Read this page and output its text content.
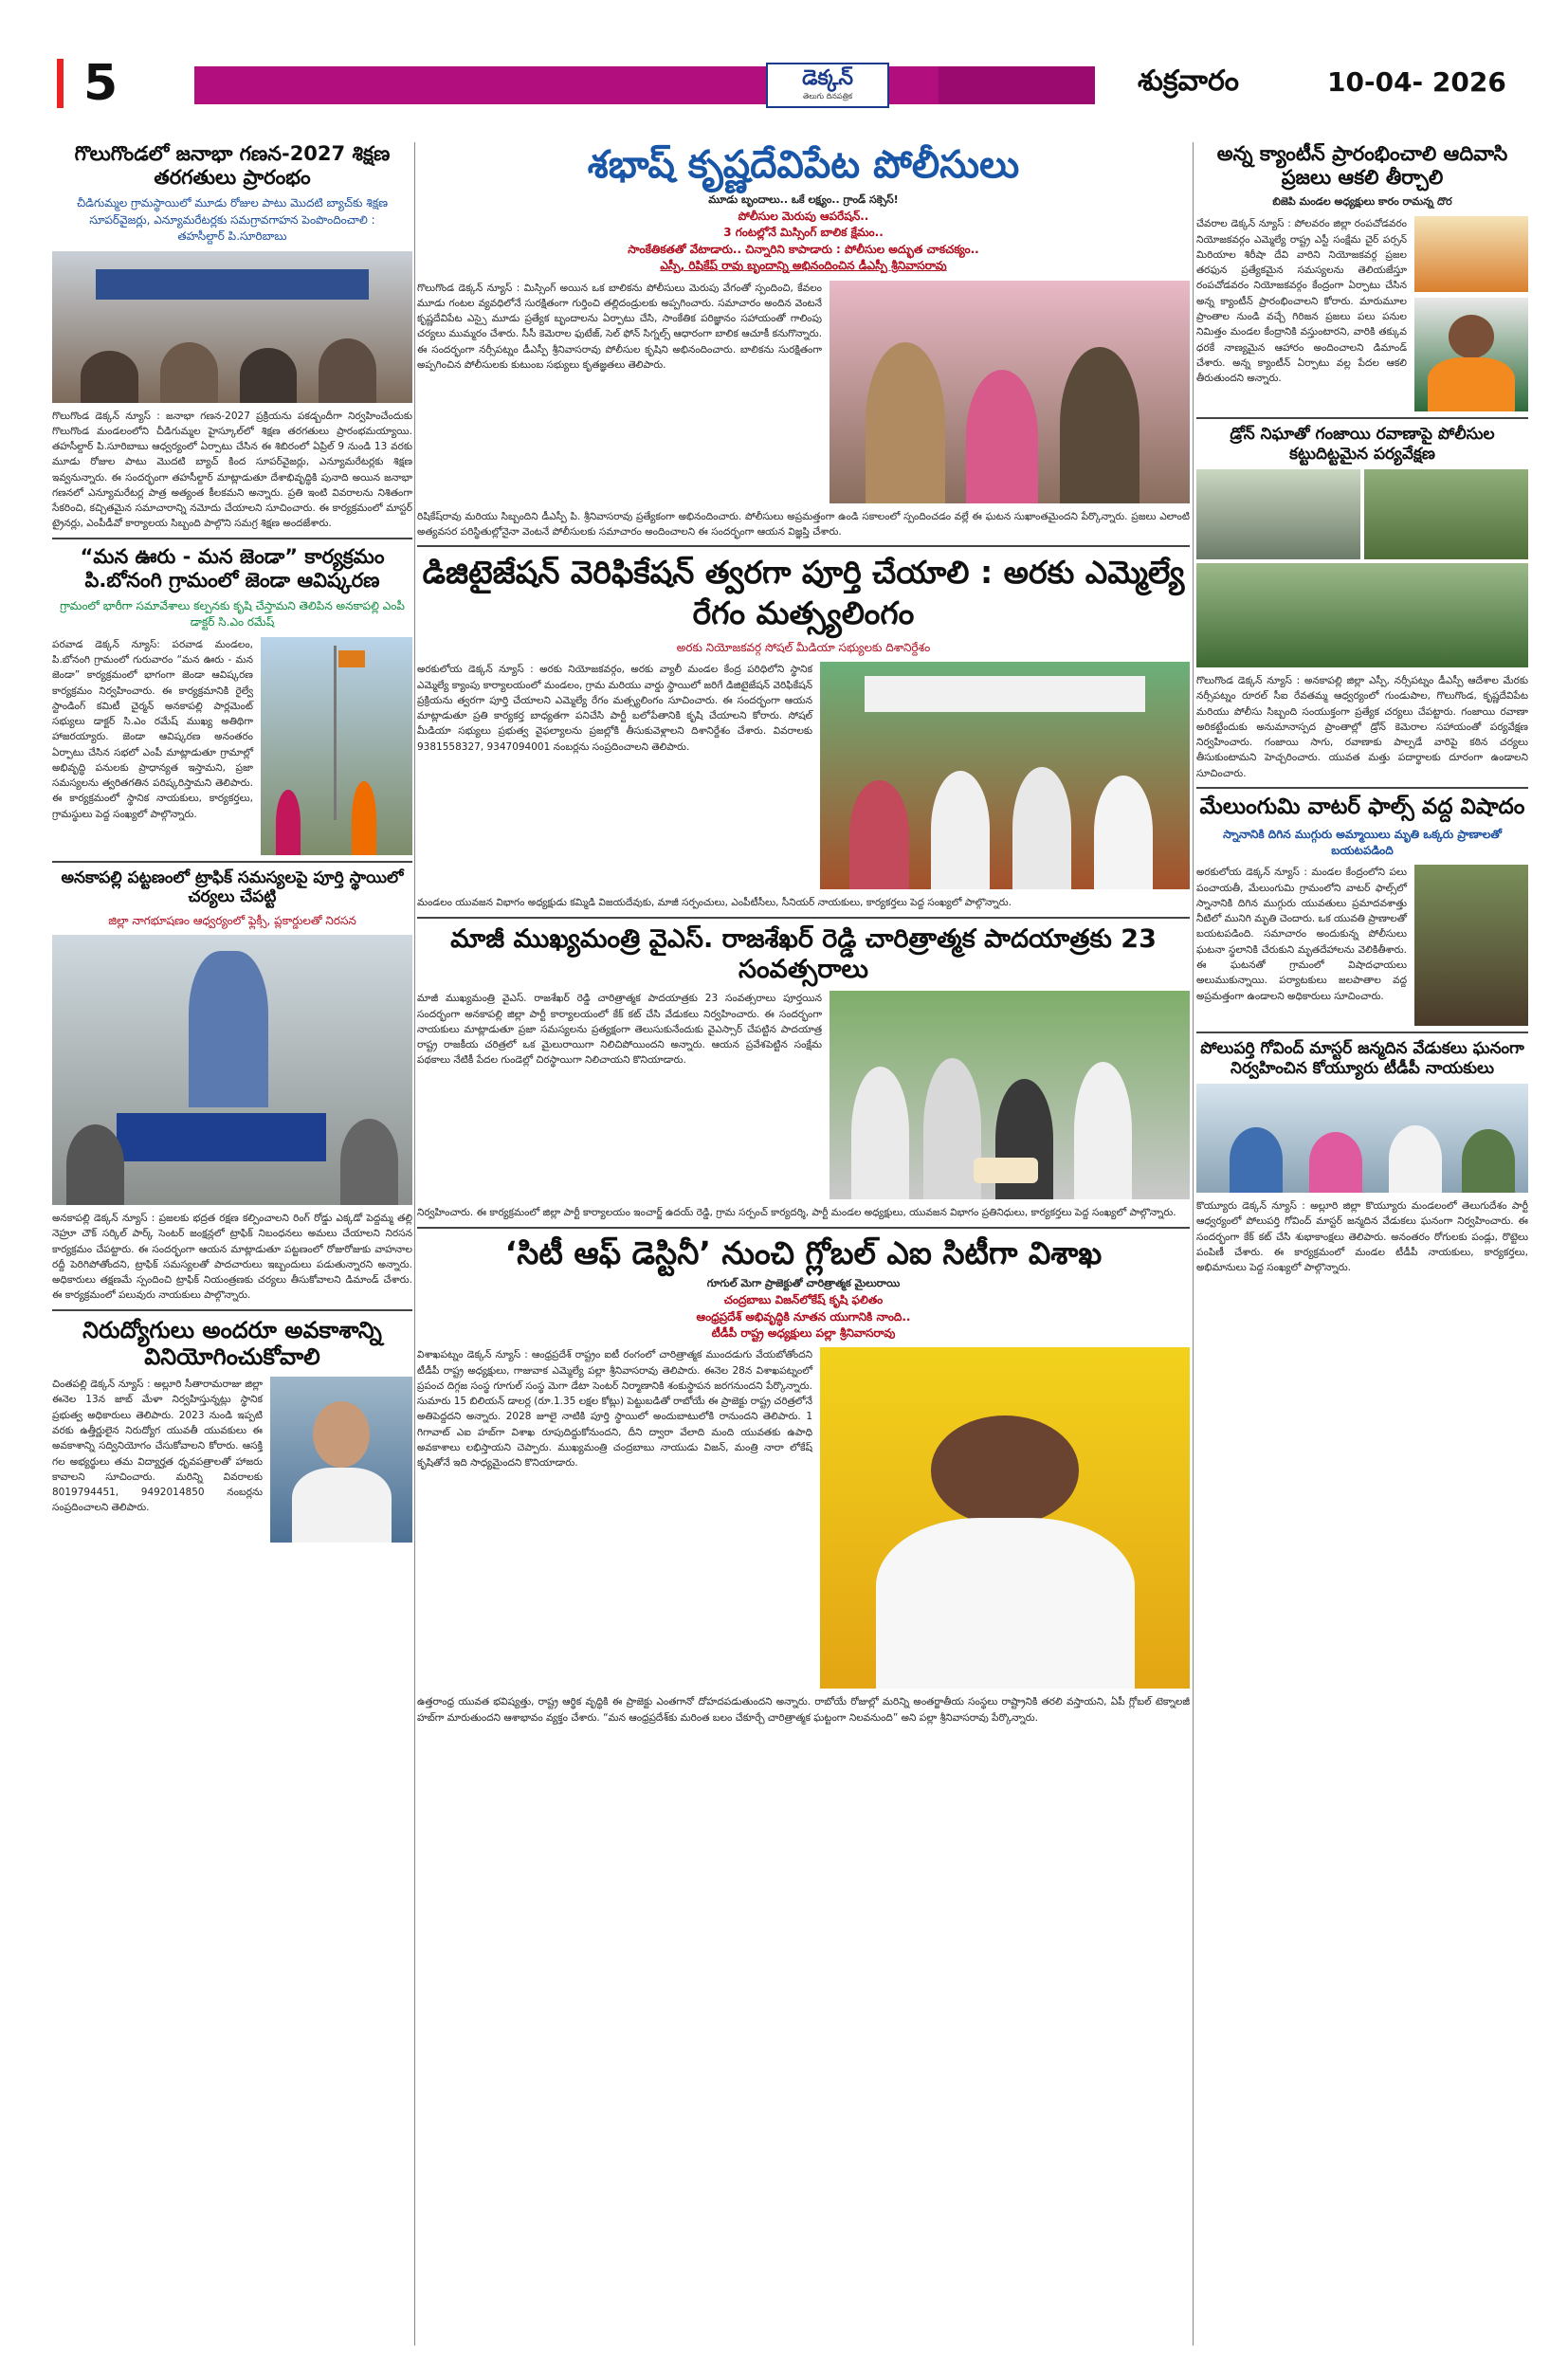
5	డెక్కన్
తెలుగు దినపత్రిక	శుక్రవారం	10-04- 2026
గొలుగొండలో జనాభా గణన-2027 శిక్షణ తరగతులు ప్రారంభం
చీడిగుమ్మల గ్రామస్థాయిలో మూడు రోజుల పాటు మొదటి బ్యాచ్‌కు శిక్షణ
సూపర్‌వైజర్లు, ఎన్యూమరేటర్లకు సమగ్రావగాహన పెంపొందించాలి :
తహసీల్దార్ పి.సూరిబాబు
గొలుగొండ డెక్కన్ న్యూస్ : జనాభా గణన-2027 ప్రక్రియను పకడ్బందీగా నిర్వహించేందుకు గొలుగొండ మండలంలోని చీడిగుమ్మల హైస్కూల్‌లో శిక్షణ తరగతులు ప్రారంభమయ్యాయి. తహసీల్దార్ పి.సూరిబాబు ఆధ్వర్యంలో ఏర్పాటు చేసిన ఈ శిబిరంలో ఏప్రిల్ 9 నుండి 13 వరకు మూడు రోజుల పాటు మొదటి బ్యాచ్ కింద సూపర్‌వైజర్లు, ఎన్యూమరేటర్లకు శిక్షణ ఇవ్వనున్నారు. ఈ సందర్భంగా తహసీల్దార్ మాట్లాడుతూ దేశాభివృద్ధికి పునాది అయిన జనాభా గణనలో ఎన్యూమరేటర్ల పాత్ర అత్యంత కీలకమని అన్నారు. ప్రతి ఇంటి వివరాలను నిశితంగా సేకరించి, కచ్చితమైన సమాచారాన్ని నమోదు చేయాలని సూచించారు. ఈ కార్యక్రమంలో మాస్టర్ ట్రైనర్లు, ఎంపీడీవో కార్యాలయ సిబ్బంది పాల్గొని సమగ్ర శిక్షణ అందజేశారు.
“మన ఊరు - మన జెండా” కార్యక్రమం పి.బోనంగి గ్రామంలో జెండా ఆవిష్కరణ
గ్రామంలో భారీగా సమావేశాలు కల్పనకు కృషి చేస్తామని తెలిపిన అనకాపల్లి ఎంపీ డాక్టర్ సి.ఎం రమేష్
పరవాడ డెక్కన్ న్యూస్: పరవాడ మండలం, పి.బోనంగి గ్రామంలో గురువారం “మన ఊరు - మన జెండా” కార్యక్రమంలో భాగంగా జెండా ఆవిష్కరణ కార్యక్రమం నిర్వహించారు. ఈ కార్యక్రమానికి రైల్వే స్టాండింగ్ కమిటీ చైర్మన్ అనకాపల్లి పార్లమెంట్ సభ్యులు డాక్టర్ సి.ఎం రమేష్ ముఖ్య అతిథిగా హాజరయ్యారు. జెండా ఆవిష్కరణ అనంతరం ఏర్పాటు చేసిన సభలో ఎంపీ మాట్లాడుతూ గ్రామాల్లో అభివృద్ధి పనులకు ప్రాధాన్యత ఇస్తామని, ప్రజా సమస్యలను త్వరితగతిన పరిష్కరిస్తామని తెలిపారు. ఈ కార్యక్రమంలో స్థానిక నాయకులు, కార్యకర్తలు, గ్రామస్థులు పెద్ద సంఖ్యలో పాల్గొన్నారు.
అనకాపల్లి పట్టణంలో ట్రాఫిక్ సమస్యలపై పూర్తి స్థాయిలో చర్యలు చేపట్టి
జిల్లా నాగభూషణం ఆధ్వర్యంలో ఫ్లెక్సీ, ప్లకార్డులతో నిరసన
అనకాపల్లి డెక్కన్ న్యూస్ : ప్రజలకు భద్రత రక్షణ కల్పించాలని రింగ్ రోడ్డు ఎక్కడో పెద్దమ్మ తల్లి నెహ్రూ చౌక్ సర్కిల్ పార్క్ సెంటర్ జంక్షన్లలో ట్రాఫిక్ నిబంధనలు అమలు చేయాలని నిరసన కార్యక్రమం చేపట్టారు. ఈ సందర్భంగా ఆయన మాట్లాడుతూ పట్టణంలో రోజురోజుకు వాహనాల రద్దీ పెరిగిపోతోందని, ట్రాఫిక్ సమస్యలతో పాదచారులు ఇబ్బందులు పడుతున్నారని అన్నారు. అధికారులు తక్షణమే స్పందించి ట్రాఫిక్ నియంత్రణకు చర్యలు తీసుకోవాలని డిమాండ్ చేశారు. ఈ కార్యక్రమంలో పలువురు నాయకులు పాల్గొన్నారు.
నిరుద్యోగులు అందరూ అవకాశాన్ని వినియోగించుకోవాలి
చింతపల్లి డెక్కన్ న్యూస్ : అల్లూరి సీతారామరాజు జిల్లా ఈనెల 13న జాబ్ మేళా నిర్వహిస్తున్నట్లు స్థానిక ప్రభుత్వ అధికారులు తెలిపారు. 2023 నుండి ఇప్పటి వరకు ఉత్తీర్ణులైన నిరుద్యోగ యువతీ యువకులు ఈ అవకాశాన్ని సద్వినియోగం చేసుకోవాలని కోరారు. ఆసక్తి గల అభ్యర్థులు తమ విద్యార్హత ధృవపత్రాలతో హాజరు కావాలని సూచించారు. మరిన్ని వివరాలకు 8019794451, 9492014850 నంబర్లను సంప్రదించాలని తెలిపారు.
శభాష్ కృష్ణదేవిపేట పోలీసులు
మూడు బృందాలు.. ఒకే లక్ష్యం.. గ్రాండ్ సక్సెస్!
పోలీసుల మెరుపు ఆపరేషన్..
3 గంటల్లోనే మిస్సింగ్ బాలిక క్షేమం..
సాంకేతికతతో వేటాడారు.. చిన్నారిని కాపాడారు : పోలీసుల అద్భుత చాకచక్యం..
ఎస్పీ, రిషికేష్ రావు బృందాన్ని అభినందించిన డీఎస్పీ శ్రీనివాసరావు
గొలుగొండ డెక్కన్ న్యూస్ : మిస్సింగ్ అయిన ఒక బాలికను పోలీసులు మెరుపు వేగంతో స్పందించి, కేవలం మూడు గంటల వ్యవధిలోనే సురక్షితంగా గుర్తించి తల్లిదండ్రులకు అప్పగించారు. సమాచారం అందిన వెంటనే కృష్ణదేవిపేట ఎస్సై మూడు ప్రత్యేక బృందాలను ఏర్పాటు చేసి, సాంకేతిక పరిజ్ఞానం సహాయంతో గాలింపు చర్యలు ముమ్మరం చేశారు. సీసీ కెమెరాల ఫుటేజ్, సెల్ ఫోన్ సిగ్నల్స్ ఆధారంగా బాలిక ఆచూకీ కనుగొన్నారు. ఈ సందర్భంగా నర్సీపట్నం డీఎస్పీ శ్రీనివాసరావు పోలీసుల కృషిని అభినందించారు. బాలికను సురక్షితంగా అప్పగించిన పోలీసులకు కుటుంబ సభ్యులు కృతజ్ఞతలు తెలిపారు.
రిషికేష్‌రావు మరియు సిబ్బందిని డీఎస్పీ పి. శ్రీనివాసరావు ప్రత్యేకంగా అభినందించారు. పోలీసులు అప్రమత్తంగా ఉండి సకాలంలో స్పందించడం వల్లే ఈ ఘటన సుఖాంతమైందని పేర్కొన్నారు. ప్రజలు ఎలాంటి అత్యవసర పరిస్థితుల్లోనైనా వెంటనే పోలీసులకు సమాచారం అందించాలని ఈ సందర్భంగా ఆయన విజ్ఞప్తి చేశారు.
డిజిటైజేషన్ వెరిఫికేషన్ త్వరగా పూర్తి చేయాలి : అరకు ఎమ్మెల్యే రేగం మత్స్యలింగం
అరకు నియోజకవర్గ సోషల్ మీడియా సభ్యులకు దిశానిర్దేశం
అరకులోయ డెక్కన్ న్యూస్ : అరకు నియోజకవర్గం, అరకు వ్యాలీ మండల కేంద్ర పరిధిలోని స్థానిక ఎమ్మెల్యే క్యాంపు కార్యాలయంలో మండలం, గ్రామ మరియు వార్డు స్థాయిలో జరిగే డిజిటైజేషన్ వెరిఫికేషన్ ప్రక్రియను త్వరగా పూర్తి చేయాలని ఎమ్మెల్యే రేగం మత్స్యలింగం సూచించారు. ఈ సందర్భంగా ఆయన మాట్లాడుతూ ప్రతి కార్యకర్త బాధ్యతగా పనిచేసి పార్టీ బలోపేతానికి కృషి చేయాలని కోరారు. సోషల్ మీడియా సభ్యులు ప్రభుత్వ వైఫల్యాలను ప్రజల్లోకి తీసుకువెళ్లాలని దిశానిర్దేశం చేశారు. వివరాలకు 9381558327, 9347094001 నంబర్లను సంప్రదించాలని తెలిపారు.
మండలం యువజన విభాగం అధ్యక్షుడు కమ్మిడి విజయదేవుకు, మాజీ సర్పంచులు, ఎంపీటీసీలు, సీనియర్ నాయకులు, కార్యకర్తలు పెద్ద సంఖ్యలో పాల్గొన్నారు.
మాజీ ముఖ్యమంత్రి వైఎస్. రాజశేఖర్ రెడ్డి చారిత్రాత్మక పాదయాత్రకు 23 సంవత్సరాలు
మాజీ ముఖ్యమంత్రి వైఎస్. రాజశేఖర్ రెడ్డి చారిత్రాత్మక పాదయాత్రకు 23 సంవత్సరాలు పూర్తయిన సందర్భంగా అనకాపల్లి జిల్లా పార్టీ కార్యాలయంలో కేక్ కట్ చేసి వేడుకలు నిర్వహించారు. ఈ సందర్భంగా నాయకులు మాట్లాడుతూ ప్రజా సమస్యలను ప్రత్యక్షంగా తెలుసుకునేందుకు వైఎస్సార్ చేపట్టిన పాదయాత్ర రాష్ట్ర రాజకీయ చరిత్రలో ఒక మైలురాయిగా నిలిచిపోయిందని అన్నారు. ఆయన ప్రవేశపెట్టిన సంక్షేమ పథకాలు నేటికీ పేదల గుండెల్లో చిరస్థాయిగా నిలిచాయని కొనియాడారు.
నిర్వహించారు. ఈ కార్యక్రమంలో జిల్లా పార్టీ కార్యాలయం ఇంచార్జ్ ఉదయ్ రెడ్డి, గ్రామ సర్పంచ్ కార్యదర్శి, పార్టీ మండల అధ్యక్షులు, యువజన విభాగం ప్రతినిధులు, కార్యకర్తలు పెద్ద సంఖ్యలో పాల్గొన్నారు.
‘సిటీ ఆఫ్ డెస్టినీ’ నుంచి గ్లోబల్ ఎఐ సిటీగా విశాఖ
గూగుల్ మెగా ప్రాజెక్టుతో చారిత్రాత్మక మైలురాయి
చంద్రబాబు విజన్‌లోకేష్ కృషి ఫలితం
ఆంధ్రప్రదేశ్ అభివృద్ధికి నూతన యుగానికి నాంది..
టీడీపీ రాష్ట్ర అధ్యక్షులు పల్లా శ్రీనివాసరావు
విశాఖపట్నం డెక్కన్ న్యూస్ : ఆంధ్రప్రదేశ్ రాష్ట్రం ఐటీ రంగంలో చారిత్రాత్మక ముందడుగు వేయబోతోందని టీడీపీ రాష్ట్ర అధ్యక్షులు, గాజువాక ఎమ్మెల్యే పల్లా శ్రీనివాసరావు తెలిపారు. ఈనెల 28న విశాఖపట్నంలో ప్రపంచ దిగ్గజ సంస్థ గూగుల్ సంస్థ మెగా డేటా సెంటర్ నిర్మాణానికి శంకుస్థాపన జరగనుందని పేర్కొన్నారు. సుమారు 15 బిలియన్ డాలర్ల (రూ.1.35 లక్షల కోట్లు) పెట్టుబడితో రాబోయే ఈ ప్రాజెక్టు రాష్ట్ర చరిత్రలోనే అతిపెద్దదని అన్నారు. 2028 జూలై నాటికి పూర్తి స్థాయిలో అందుబాటులోకి రానుందని తెలిపారు. 1 గిగావాట్ ఎఐ హబ్‌గా విశాఖ రూపుదిద్దుకోనుందని, దీని ద్వారా వేలాది మంది యువతకు ఉపాధి అవకాశాలు లభిస్తాయని చెప్పారు. ముఖ్యమంత్రి చంద్రబాబు నాయుడు విజన్, మంత్రి నారా లోకేష్ కృషితోనే ఇది సాధ్యమైందని కొనియాడారు.
ఉత్తరాంధ్ర యువత భవిష్యత్తు, రాష్ట్ర ఆర్థిక వృద్ధికి ఈ ప్రాజెక్టు ఎంతగానో దోహదపడుతుందని అన్నారు. రాబోయే రోజుల్లో మరిన్ని అంతర్జాతీయ సంస్థలు రాష్ట్రానికి తరలి వస్తాయని, ఏపీ గ్లోబల్ టెక్నాలజీ హబ్‌గా మారుతుందని ఆశాభావం వ్యక్తం చేశారు. “మన ఆంధ్రప్రదేశ్‌కు మరింత బలం చేకూర్చే చారిత్రాత్మక ఘట్టంగా నిలవనుంది” అని పల్లా శ్రీనివాసరావు పేర్కొన్నారు.
అన్న క్యాంటీన్ ప్రారంభించాలి ఆదివాసి ప్రజలు ఆకలి తీర్చాలి
బిజెపి మండల అధ్యక్షులు కారం రామన్న దొర
చేవరాల డెక్కన్ న్యూస్ : పోలవరం జిల్లా రంపచోడవరం నియోజకవర్గం ఎమ్మెల్యే రాష్ట్ర ఎస్టీ సంక్షేమ చైర్ పర్సన్ మిరియాల శిరీషా దేవి వారిని నియోజకవర్గ ప్రజల తరఫున ప్రత్యేకమైన సమస్యలను తెలియజేస్తూ రంపచోడవరం నియోజకవర్గం కేంద్రంగా ఏర్పాటు చేసిన అన్న క్యాంటీన్ ప్రారంభించాలని కోరారు. మారుమూల ప్రాంతాల నుండి వచ్చే గిరిజన ప్రజలు పలు పనుల నిమిత్తం మండల కేంద్రానికి వస్తుంటారని, వారికి తక్కువ ధరకే నాణ్యమైన ఆహారం అందించాలని డిమాండ్ చేశారు. అన్న క్యాంటీన్ ఏర్పాటు వల్ల పేదల ఆకలి తీరుతుందని అన్నారు.
డ్రోన్ నిఘాతో గంజాయి రవాణాపై పోలీసుల కట్టుదిట్టమైన పర్యవేక్షణ
గొలుగొండ డెక్కన్ న్యూస్ : అనకాపల్లి జిల్లా ఎస్పీ, నర్సీపట్నం డీఎస్పీ ఆదేశాల మేరకు నర్సీపట్నం రూరల్ సీఐ రేవతమ్మ ఆధ్వర్యంలో గుండుపాల, గొలుగొండ, కృష్ణదేవిపేట మరియు పోలీసు సిబ్బంది సంయుక్తంగా ప్రత్యేక చర్యలు చేపట్టారు. గంజాయి రవాణా అరికట్టేందుకు అనుమానాస్పద ప్రాంతాల్లో డ్రోన్ కెమెరాల సహాయంతో పర్యవేక్షణ నిర్వహించారు. గంజాయి సాగు, రవాణాకు పాల్పడే వారిపై కఠిన చర్యలు తీసుకుంటామని హెచ్చరించారు. యువత మత్తు పదార్థాలకు దూరంగా ఉండాలని సూచించారు.
మేలుంగుమి వాటర్ ఫాల్స్ వద్ద విషాదం
స్నానానికి దిగిన ముగ్గురు అమ్మాయిలు మృతి ఒక్కరు ప్రాణాలతో బయటపడింది
అరకులోయ డెక్కన్ న్యూస్ : మండల కేంద్రంలోని పలు పంచాయతీ, మేలుంగుమి గ్రామంలోని వాటర్ ఫాల్స్‌లో స్నానానికి దిగిన ముగ్గురు యువతులు ప్రమాదవశాత్తు నీటిలో మునిగి మృతి చెందారు. ఒక యువతి ప్రాణాలతో బయటపడింది. సమాచారం అందుకున్న పోలీసులు ఘటనా స్థలానికి చేరుకుని మృతదేహాలను వెలికితీశారు. ఈ ఘటనతో గ్రామంలో విషాదఛాయలు అలుముకున్నాయి. పర్యాటకులు జలపాతాల వద్ద అప్రమత్తంగా ఉండాలని అధికారులు సూచించారు.
పోలుపర్తి గోవింద్ మాస్టర్ జన్మదిన వేడుకలు ఘనంగా నిర్వహించిన కోయ్యూరు టీడీపీ నాయకులు
కొయ్యూరు డెక్కన్ న్యూస్ : అల్లూరి జిల్లా కొయ్యూరు మండలంలో తెలుగుదేశం పార్టీ ఆధ్వర్యంలో పోలుపర్తి గోవింద్ మాస్టర్ జన్మదిన వేడుకలు ఘనంగా నిర్వహించారు. ఈ సందర్భంగా కేక్ కట్ చేసి శుభాకాంక్షలు తెలిపారు. అనంతరం రోగులకు పండ్లు, రొట్టెలు పంపిణీ చేశారు. ఈ కార్యక్రమంలో మండల టీడీపీ నాయకులు, కార్యకర్తలు, అభిమానులు పెద్ద సంఖ్యలో పాల్గొన్నారు.
